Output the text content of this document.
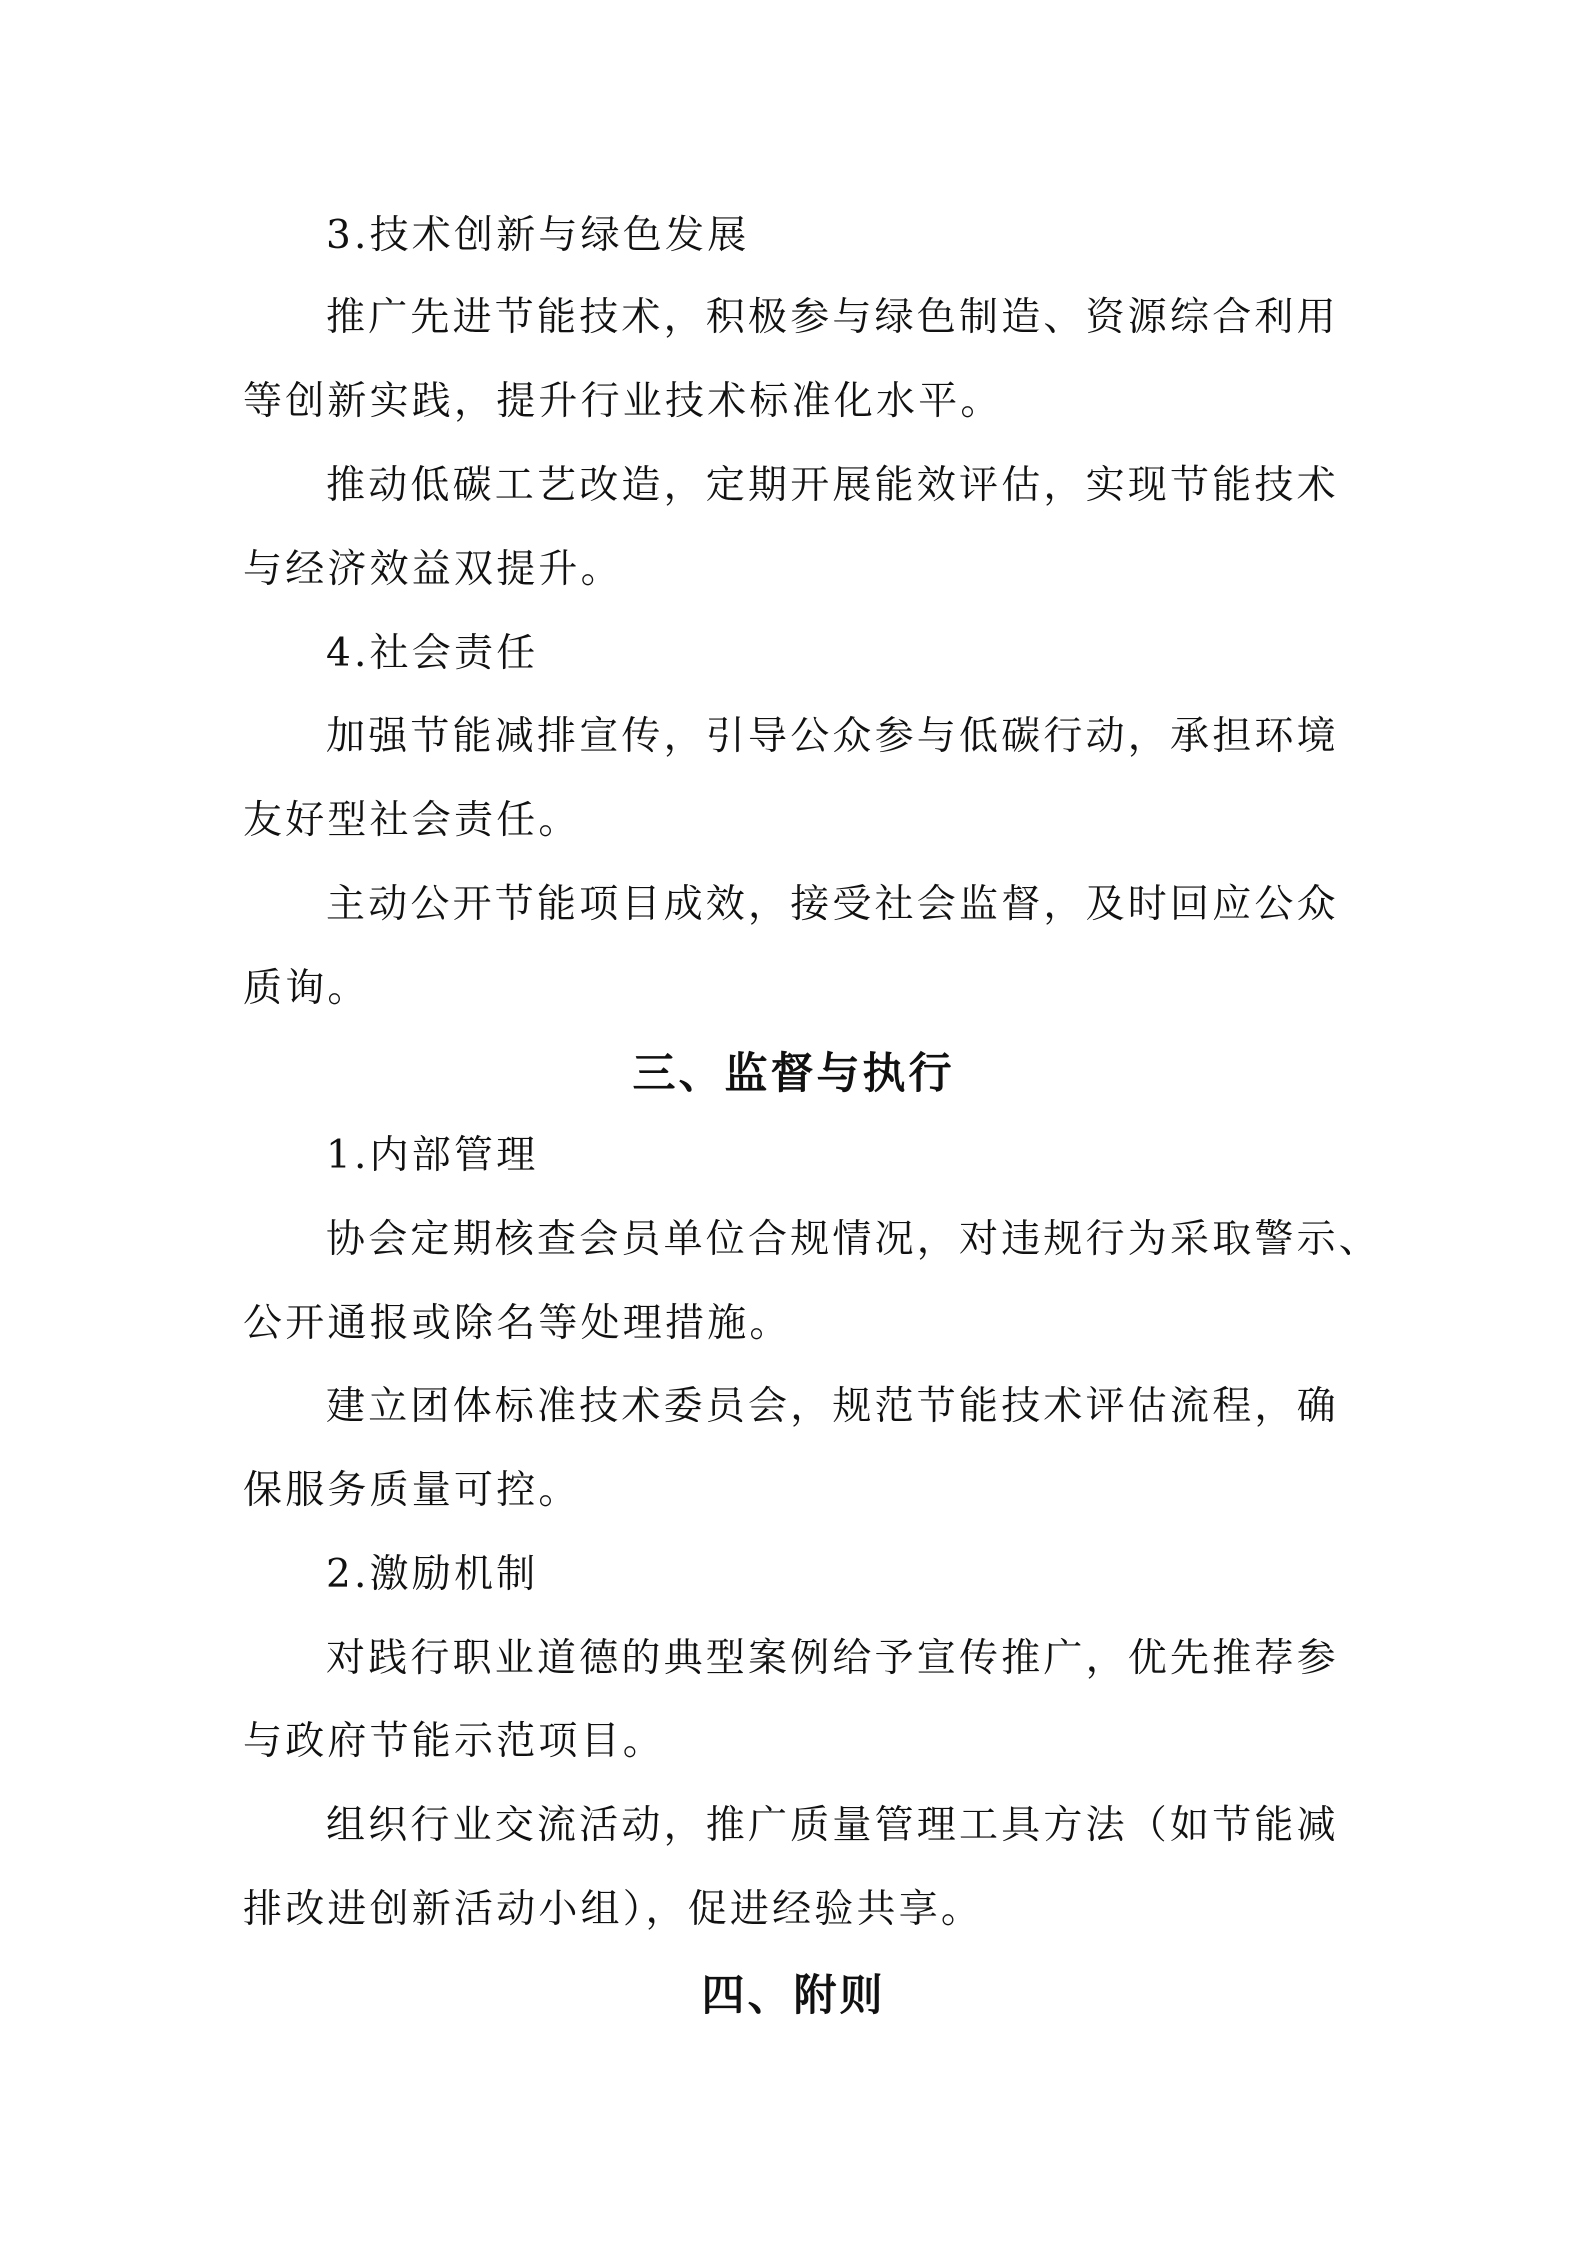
3.技术创新与绿色发展

推广先进节能技术，积极参与绿色制造、资源综合利用

等创新实践，提升行业技术标准化水平。

推动低碳工艺改造，定期开展能效评估，实现节能技术

与经济效益双提升。

4.社会责任

加强节能减排宣传，引导公众参与低碳行动，承担环境

友好型社会责任。

主动公开节能项目成效，接受社会监督，及时回应公众

质询。

三、监督与执行

1.内部管理

协会定期核查会员单位合规情况，对违规行为采取警示、

公开通报或除名等处理措施。

建立团体标准技术委员会，规范节能技术评估流程，确

保服务质量可控。

2.激励机制

对践行职业道德的典型案例给予宣传推广，优先推荐参

与政府节能示范项目。

组织行业交流活动，推广质量管理工具方法（如节能减

排改进创新活动小组），促进经验共享。

四、附则
